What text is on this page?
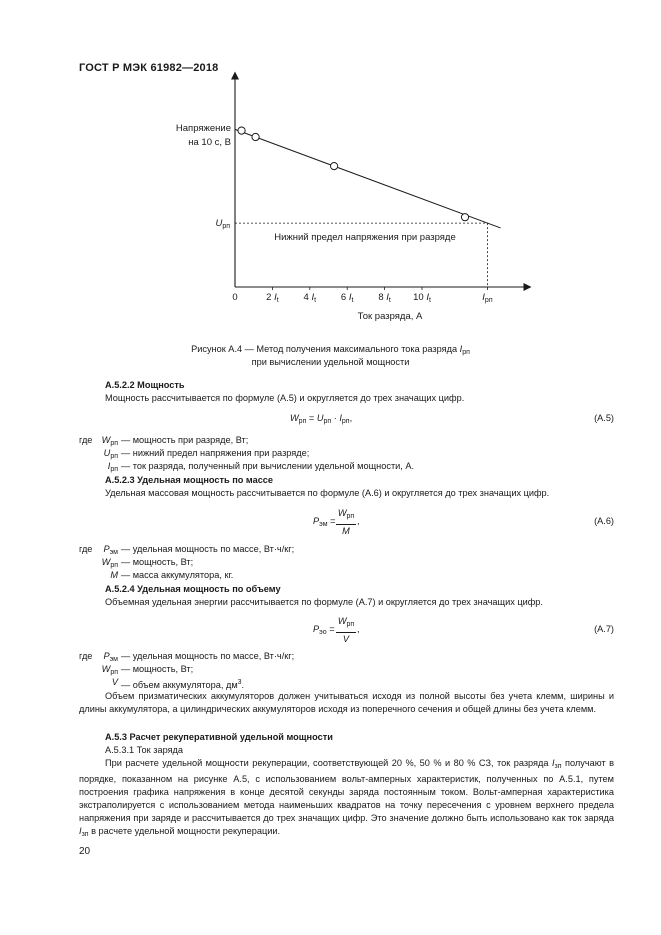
ГОСТ Р МЭК 61982—2018
Напряжение
на 10 с, В
0	2 $I_t$	4 $I_t$	6 $I_t$	8 $I_t$ 10 $I_t$	$I_{рп}$
Ток разряда, А
$U_{рп}$
Нижний предел напряжения при разряде
Рисунок А.4 — Метод получения максимального тока разряда $I_{рп}$
при вычислении удельной мощности
А.5.2.2 Мощность
Мощность рассчитывается по формуле (А.5) и округляется до трех значащих цифр.
$W_{рп} = U_{рп} \cdot I_{рп}$,	(А.5)
где $W_{рп}$ — мощность при разряде, Вт;
$U_{рп}$ — нижний предел напряжения при разряде;
$I_{рп}$ — ток разряда, полученный при вычислении удельной мощности, А.
А.5.2.3 Удельная мощность по массе
Удельная массовая мощность рассчитывается по формуле (А.6) и округляется до трех значащих цифр.
$P_{эм}$ =
$W_{рп}$
M
,	(А.6)
где	$P_{эм}$ — удельная мощность по массе, Вт·ч/кг;
$W_{рп}$ — мощность, Вт;
M — масса аккумулятора, кг.
А.5.2.4 Удельная мощность по объему
Объемная удельная энергии рассчитывается по формуле (А.7) и округляется до трех значащих цифр.
$P_{эо}$ =
$W_{рп}$
V
,	(А.7)
где	$P_{эм}$ — удельная мощность по массе, Вт·ч/кг;
$W_{рп}$ — мощность, Вт;
V — объем аккумулятора, $дм^3$.
Объем призматических аккумуляторов должен учитываться исходя из полной высоты без учета клемм, ширины и длины аккумулятора, а цилиндрических аккумуляторов исходя из поперечного сечения и общей длины без учета клемм.
А.5.3 Расчет рекуперативной удельной мощности
А.5.3.1 Ток заряда
При расчете удельной мощности рекуперации, соответствующей 20 %, 50 % и 80 % СЗ, ток разряда $I_{зп}$ получают в порядке, показанном на рисунке А.5, с использованием вольт-амперных характеристик, полученных по А.5.1, путем построения графика напряжения в конце десятой секунды заряда постоянным током. Вольт-амперная характеристика экстраполируется с использованием метода наименьших квадратов на точку пересечения с уровнем верхнего предела напряжения при заряде и рассчитывается до трех значащих цифр. Это значение должно быть использовано как ток заряда $I_{зп}$ в расчете удельной мощности рекуперации.
20
